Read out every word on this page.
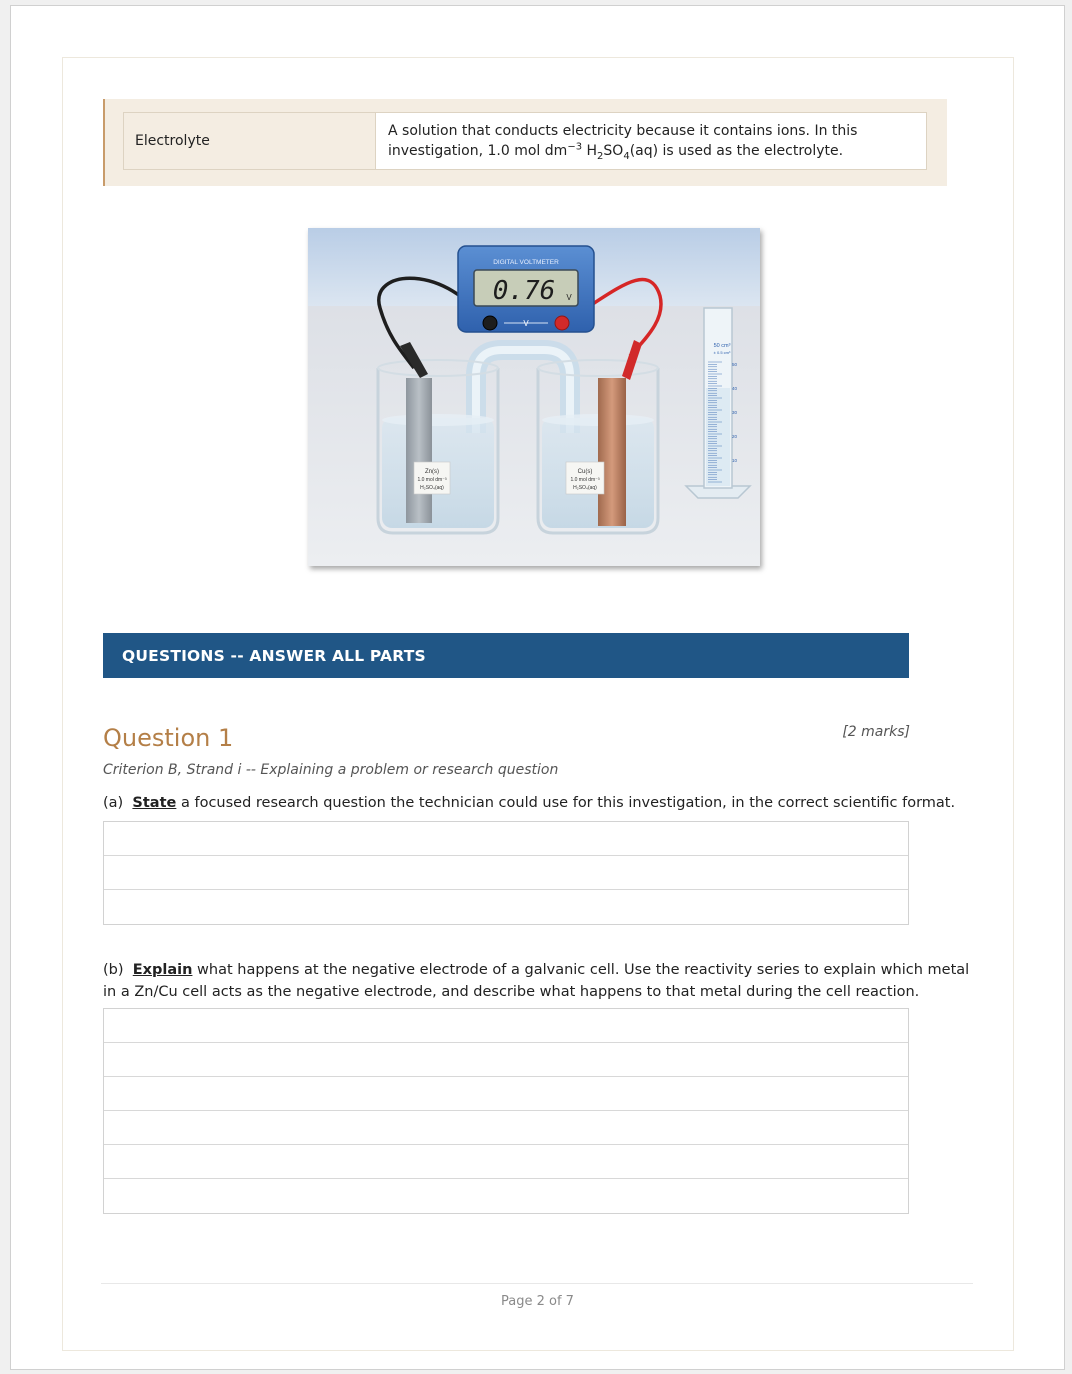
Electrolyte	A solution that conducts electricity because it contains ions. In this
investigation, 1.0 mol $dm^{-3}$ $H_2SO_4(aq)$ is used as the electrolyte.
Zn(s)
1.0 mol dm⁻³
H₂SO₄(aq)
Cu(s)
1.0 mol dm⁻³
H₂SO₄(aq)
DIGITAL VOLTMETER
0.76 V
V
50 cm³
± 0.5 cm³
50
40
30
20
10
QUESTIONS -- ANSWER ALL PARTS
Question 1	[2 marks]
Criterion B, Strand i -- Explaining a problem or research question
(a) State a focused research question the technician could use for this investigation, in the correct scientific format.
(b) Explain what happens at the negative electrode of a galvanic cell. Use the reactivity series to explain which metal in a Zn/Cu cell acts as the negative electrode, and describe what happens to that metal during the cell reaction.
Page 2 of 7
